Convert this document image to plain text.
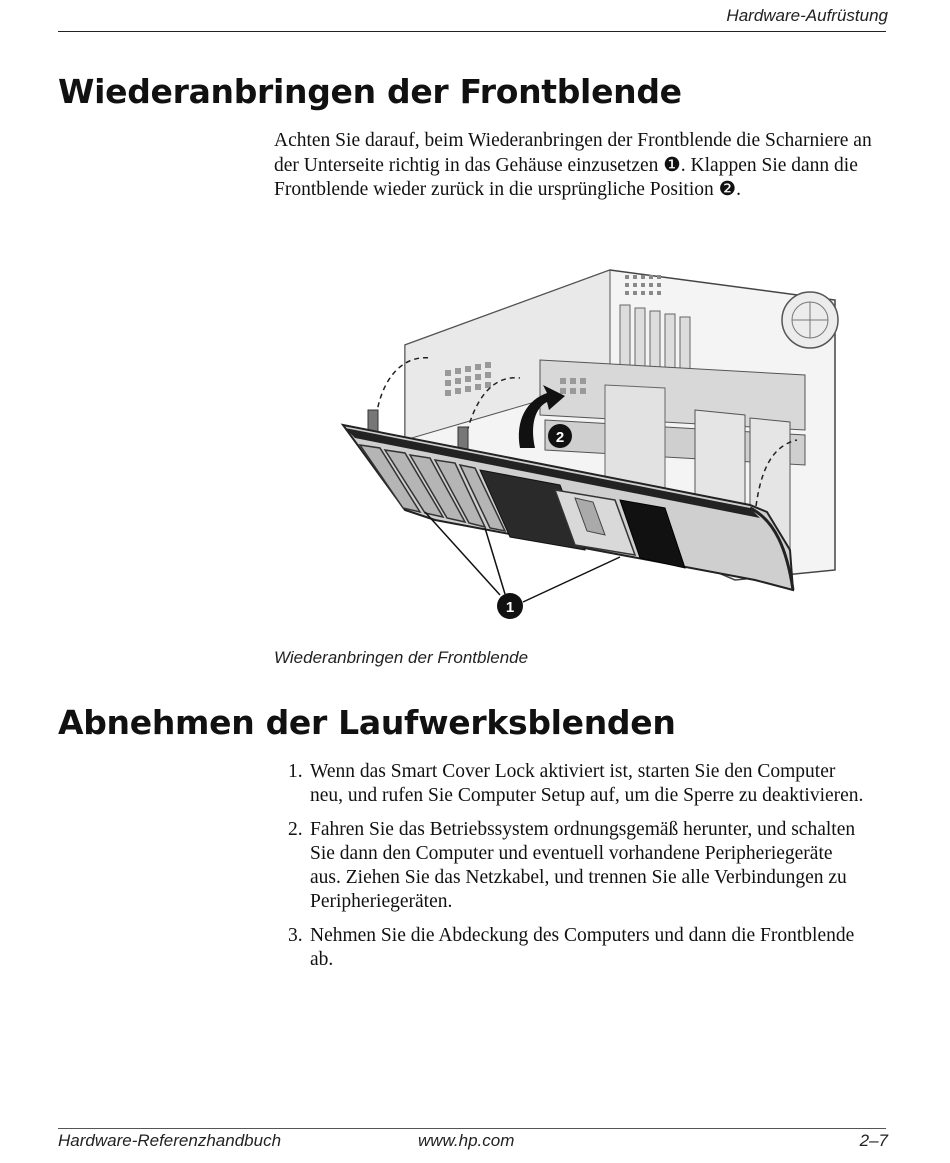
Hardware-Aufrüstung
Wiederanbringen der Frontblende

Achten Sie darauf, beim Wiederanbringen der Frontblende die Scharniere an der Unterseite richtig in das Gehäuse einzusetzen ❶. Klappen Sie dann die Frontblende wieder zurück in die ursprüngliche Position ❷.

2
1
Wiederanbringen der Frontblende
Abnehmen der Laufwerksblenden
1. Wenn das Smart Cover Lock aktiviert ist, starten Sie den Computer neu, und rufen Sie Computer Setup auf, um die Sperre zu deaktivieren.
2. Fahren Sie das Betriebssystem ordnungsgemäß herunter, und schalten Sie dann den Computer und eventuell vorhandene Peripheriegeräte aus. Ziehen Sie das Netzkabel, und trennen Sie alle Verbindungen zu Peripheriegeräten.
3. Nehmen Sie die Abdeckung des Computers und dann die Frontblende ab.
Hardware-Referenzhandbuch	www.hp.com	2–7
